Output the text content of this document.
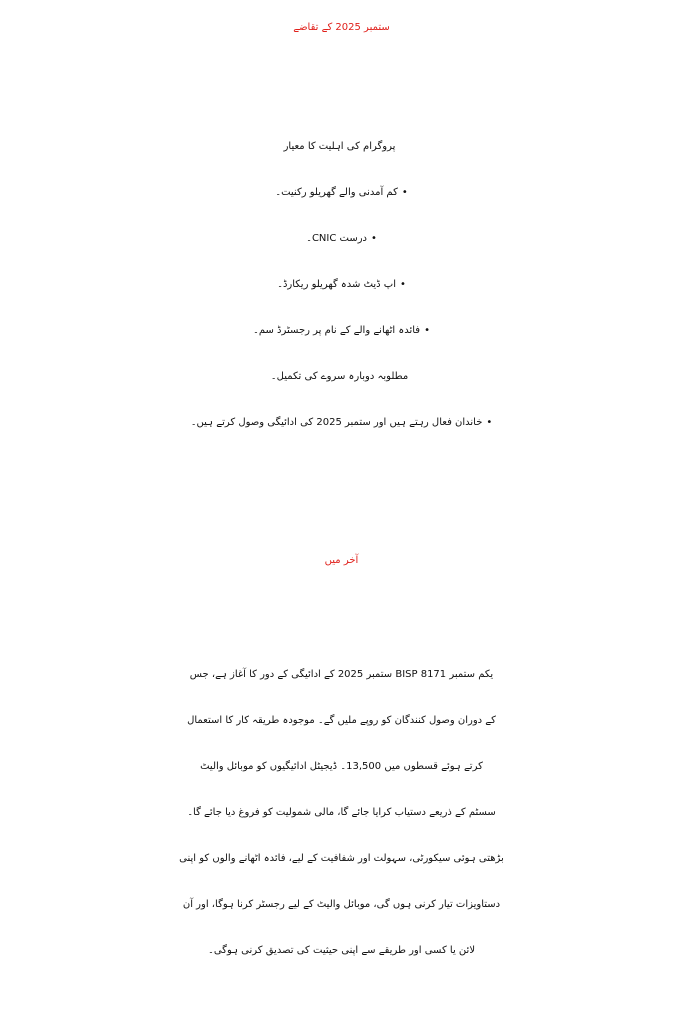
ستمبر 2025 کے تقاضے
پروگرام کی اہلیت کا معیار
•کم آمدنی والے گھریلو رکنیت۔
•درست CNIC۔
•اپ ڈیٹ شدہ گھریلو ریکارڈ۔
•فائدہ اٹھانے والے کے نام پر رجسٹرڈ سم۔
مطلوبہ دوبارہ سروے کی تکمیل۔
•خاندان فعال رہتے ہیں اور ستمبر 2025 کی ادائیگی وصول کرتے ہیں۔
آخر میں
یکم ستمبر BISP 8171 ستمبر 2025 کے ادائیگی کے دور کا آغاز ہے، جس
کے دوران وصول کنندگان کو روپے ملیں گے۔ موجودہ طریقہ کار کا استعمال
کرتے ہوئے قسطوں میں 13,500۔ ڈیجیٹل ادائیگیوں کو موبائل والیٹ
سسٹم کے ذریعے دستیاب کرایا جائے گا، مالی شمولیت کو فروغ دیا جائے گا۔
بڑھتی ہوئی سیکورٹی، سہولت اور شفافیت کے لیے، فائدہ اٹھانے والوں کو اپنی
دستاویزات تیار کرنی ہوں گی، موبائل والیٹ کے لیے رجسٹر کرنا ہوگا، اور آن
لائن یا کسی اور طریقے سے اپنی حیثیت کی تصدیق کرنی ہوگی۔
